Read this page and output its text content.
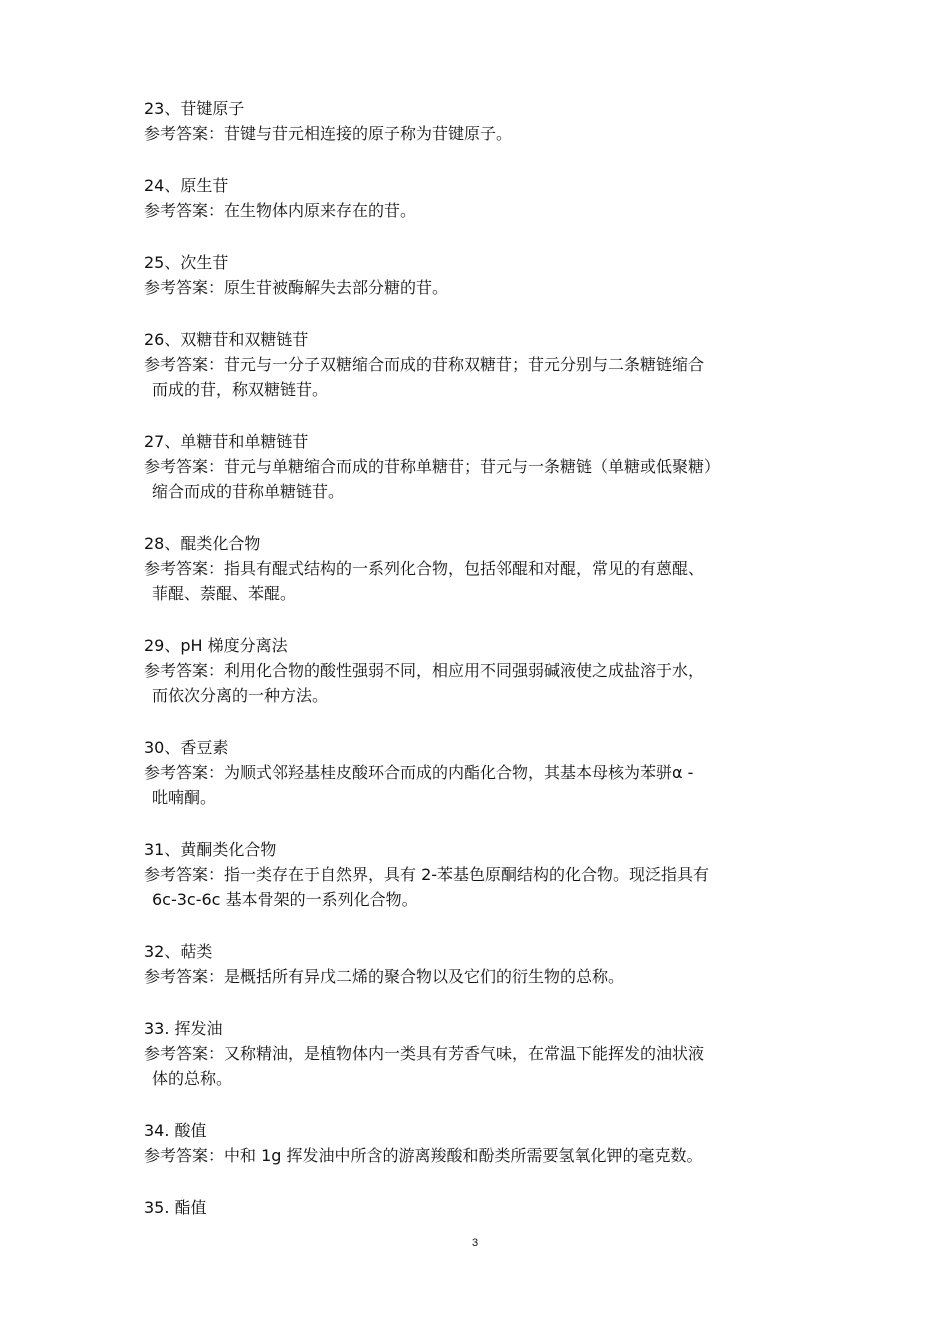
23、苷键原子
参考答案：苷键与苷元相连接的原子称为苷键原子。
24、原生苷
参考答案：在生物体内原来存在的苷。
25、次生苷
参考答案：原生苷被酶解失去部分糖的苷。
26、双糖苷和双糖链苷
参考答案：苷元与一分子双糖缩合而成的苷称双糖苷；苷元分别与二条糖链缩合
而成的苷，称双糖链苷。
27、单糖苷和单糖链苷
参考答案：苷元与单糖缩合而成的苷称单糖苷；苷元与一条糖链（单糖或低聚糖）
缩合而成的苷称单糖链苷。
28、醌类化合物
参考答案：指具有醌式结构的一系列化合物，包括邻醌和对醌，常见的有蒽醌、
菲醌、萘醌、苯醌。
29、pH 梯度分离法
参考答案：利用化合物的酸性强弱不同，相应用不同强弱碱液使之成盐溶于水，
而依次分离的一种方法。
30、香豆素
参考答案：为顺式邻羟基桂皮酸环合而成的内酯化合物，其基本母核为苯骈α -
吡喃酮。
31、黄酮类化合物
参考答案：指一类存在于自然界，具有 2-苯基色原酮结构的化合物。现泛指具有
6c-3c-6c 基本骨架的一系列化合物。
32、萜类
参考答案：是概括所有异戊二烯的聚合物以及它们的衍生物的总称。
33. 挥发油
参考答案：又称精油，是植物体内一类具有芳香气味，在常温下能挥发的油状液
体的总称。
34. 酸值
参考答案：中和 1g 挥发油中所含的游离羧酸和酚类所需要氢氧化钾的毫克数。
35. 酯值
3
